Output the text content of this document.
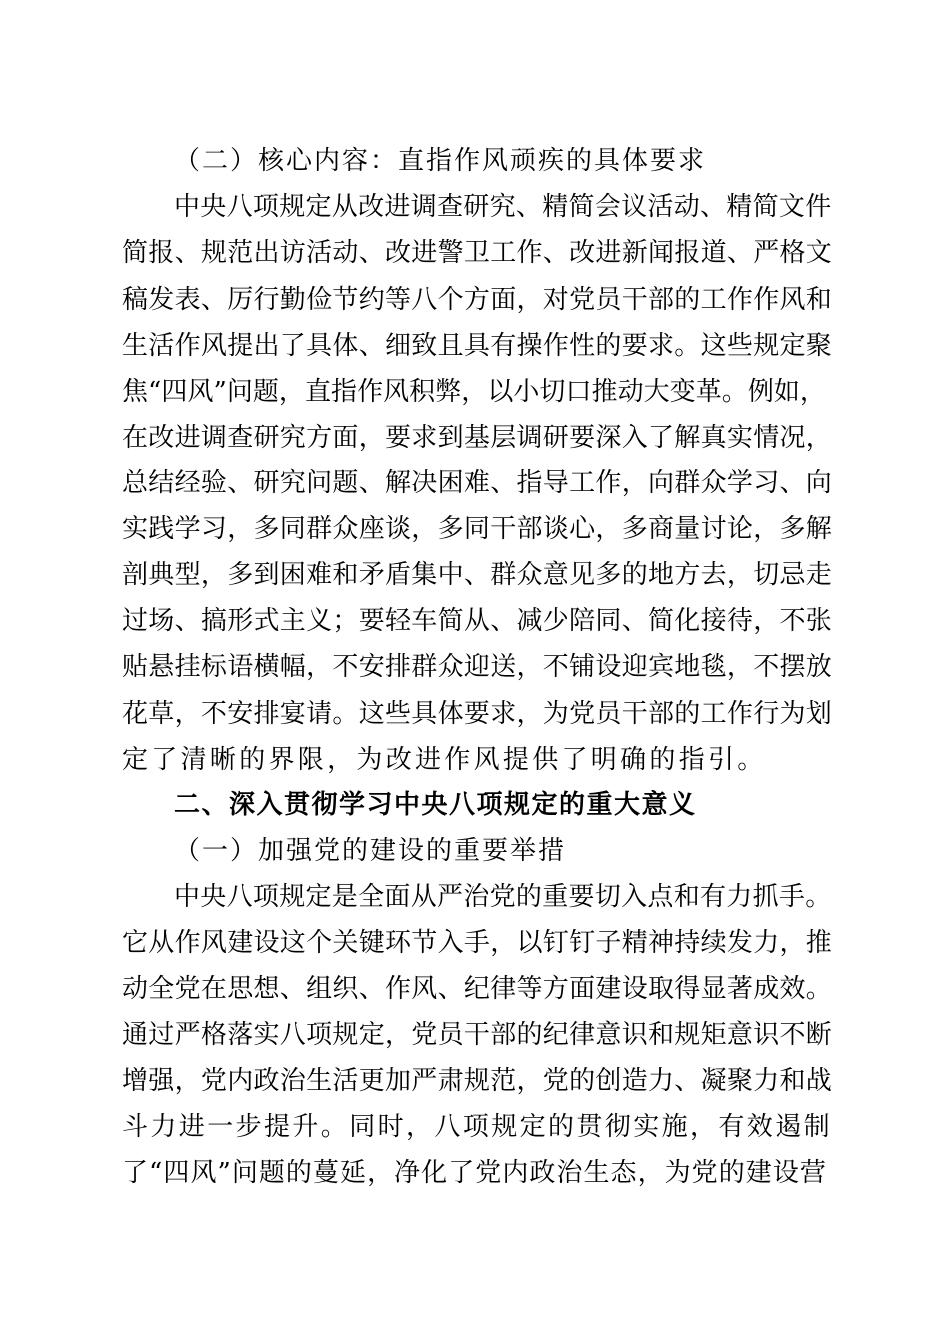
（二）核心内容：直指作风顽疾的具体要求
中央八项规定从改进调查研究、精简会议活动、精简文件
简报、规范出访活动、改进警卫工作、改进新闻报道、严格文
稿发表、厉行勤俭节约等八个方面，对党员干部的工作作风和
生活作风提出了具体、细致且具有操作性的要求。这些规定聚
焦“四风”问题，直指作风积弊，以小切口推动大变革。例如，
在改进调查研究方面，要求到基层调研要深入了解真实情况，
总结经验、研究问题、解决困难、指导工作，向群众学习、向
实践学习，多同群众座谈，多同干部谈心，多商量讨论，多解
剖典型，多到困难和矛盾集中、群众意见多的地方去，切忌走
过场、搞形式主义；要轻车简从、减少陪同、简化接待，不张
贴悬挂标语横幅，不安排群众迎送，不铺设迎宾地毯，不摆放
花草，不安排宴请。这些具体要求，为党员干部的工作行为划
定了清晰的界限，为改进作风提供了明确的指引。
二、深入贯彻学习中央八项规定的重大意义
（一）加强党的建设的重要举措
中央八项规定是全面从严治党的重要切入点和有力抓手。
它从作风建设这个关键环节入手，以钉钉子精神持续发力，推
动全党在思想、组织、作风、纪律等方面建设取得显著成效。
通过严格落实八项规定，党员干部的纪律意识和规矩意识不断
增强，党内政治生活更加严肃规范，党的创造力、凝聚力和战
斗力进一步提升。同时，八项规定的贯彻实施，有效遏制
了“四风”问题的蔓延，净化了党内政治生态，为党的建设营
